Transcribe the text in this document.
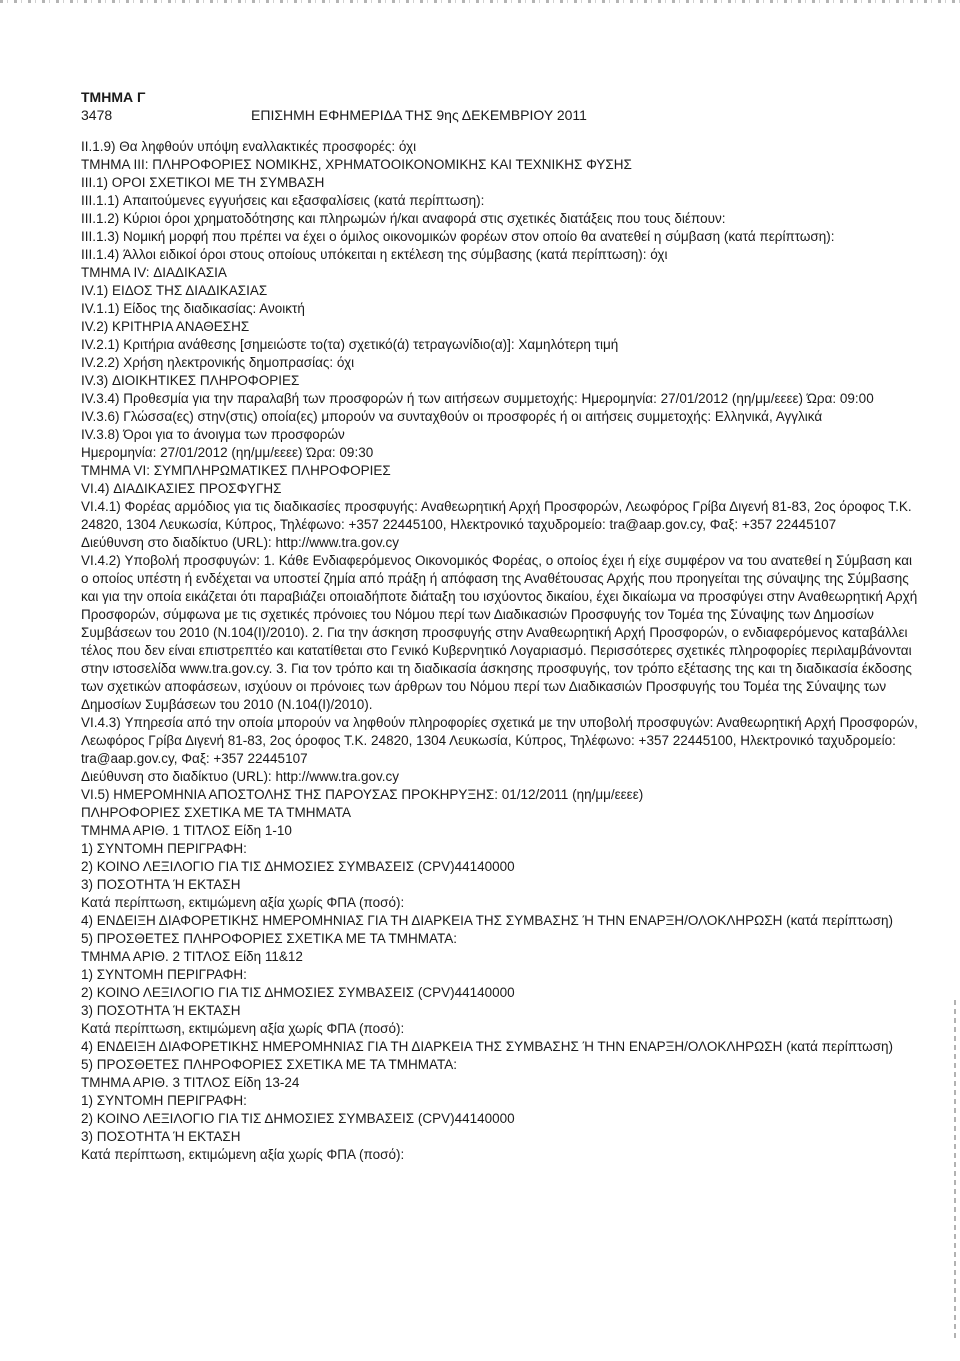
ΤΜΗΜΑ Γ

3478	ΕΠΙΣΗΜΗ ΕΦΗΜΕΡΙΔΑ ΤΗΣ 9ης ΔΕΚΕΜΒΡΙΟΥ 2011

II.1.9) Θα ληφθούν υπόψη εναλλακτικές προσφορές: όχι

ΤΜΗΜΑ ΙΙΙ: ΠΛΗΡΟΦΟΡΙΕΣ ΝΟΜΙΚΗΣ, ΧΡΗΜΑΤΟΟΙΚΟΝΟΜΙΚΗΣ ΚΑΙ ΤΕΧΝΙΚΗΣ ΦΥΣΗΣ

III.1) ΟΡΟΙ ΣΧΕΤΙΚΟΙ ΜΕ ΤΗ ΣΥΜΒΑΣΗ

III.1.1) Απαιτούμενες εγγυήσεις και εξασφαλίσεις (κατά περίπτωση):

III.1.2) Κύριοι όροι χρηματοδότησης και πληρωμών ή/και αναφορά στις σχετικές διατάξεις που τους διέπουν:

III.1.3) Νομική μορφή που πρέπει να έχει ο όμιλος οικονομικών φορέων στον οποίο θα ανατεθεί η σύμβαση (κατά περίπτωση):

III.1.4) Άλλοι ειδικοί όροι στους οποίους υπόκειται η εκτέλεση της σύμβασης (κατά περίπτωση): όχι

ΤΜΗΜΑ IV: ΔΙΑΔΙΚΑΣΙΑ

IV.1) ΕΙΔΟΣ ΤΗΣ ΔΙΑΔΙΚΑΣΙΑΣ

IV.1.1) Είδος της διαδικασίας: Ανοικτή

IV.2) ΚΡΙΤΗΡΙΑ ΑΝΑΘΕΣΗΣ

IV.2.1) Κριτήρια ανάθεσης [σημειώστε το(τα) σχετικό(ά) τετραγωνίδιο(α)]: Χαμηλότερη τιμή

IV.2.2) Χρήση ηλεκτρονικής δημοπρασίας: όχι

IV.3) ΔΙΟΙΚΗΤΙΚΕΣ ΠΛΗΡΟΦΟΡΙΕΣ

IV.3.4) Προθεσμία για την παραλαβή των προσφορών ή των αιτήσεων συμμετοχής: Ημερομηνία: 27/01/2012 (ηη/μμ/εεεε) Ώρα: 09:00

IV.3.6) Γλώσσα(ες) στην(στις) οποία(ες) μπορούν να συνταχθούν οι προσφορές ή οι αιτήσεις συμμετοχής: Ελληνικά, Αγγλικά

IV.3.8) Όροι για το άνοιγμα των προσφορών

Ημερομηνία: 27/01/2012 (ηη/μμ/εεεε) Ώρα: 09:30

ΤΜΗΜΑ VI: ΣΥΜΠΛΗΡΩΜΑΤΙΚΕΣ ΠΛΗΡΟΦΟΡΙΕΣ

VI.4) ΔΙΑΔΙΚΑΣΙΕΣ ΠΡΟΣΦΥΓΗΣ

VI.4.1) Φορέας αρμόδιος για τις διαδικασίες προσφυγής: Αναθεωρητική Αρχή Προσφορών, Λεωφόρος Γρίβα Διγενή 81-83, 2ος όροφος Τ.Κ. 24820, 1304 Λευκωσία, Κύπρος, Τηλέφωνο: +357 22445100, Ηλεκτρονικό ταχυδρομείο: tra@aap.gov.cy, Φαξ: +357 22445107

Διεύθυνση στο διαδίκτυο (URL): http://www.tra.gov.cy

VI.4.2) Υποβολή προσφυγών: 1. Κάθε Ενδιαφερόμενος Οικονομικός Φορέας, ο οποίος έχει ή είχε συμφέρον να του ανατεθεί η Σύμβαση και ο οποίος υπέστη ή ενδέχεται να υποστεί ζημία από πράξη ή απόφαση της Αναθέτουσας Αρχής που προηγείται της σύναψης της Σύμβασης και για την οποία εικάζεται ότι παραβιάζει οποιαδήποτε διάταξη του ισχύοντος δικαίου, έχει δικαίωμα να προσφύγει στην Αναθεωρητική Αρχή Προσφορών, σύμφωνα με τις σχετικές πρόνοιες του Νόμου περί των Διαδικασιών Προσφυγής τον Τομέα της Σύναψης των Δημοσίων Συμβάσεων του 2010 (Ν.104(Ι)/2010). 2. Για την άσκηση προσφυγής στην Αναθεωρητική Αρχή Προσφορών, ο ενδιαφερόμενος καταβάλλει τέλος που δεν είναι επιστρεπτέο και κατατίθεται στο Γενικό Κυβερνητικό Λογαριασμό. Περισσότερες σχετικές πληροφορίες περιλαμβάνονται στην ιστοσελίδα www.tra.gov.cy. 3. Για τον τρόπο και τη διαδικασία άσκησης προσφυγής, τον τρόπο εξέτασης της και τη διαδικασία έκδοσης των σχετικών αποφάσεων, ισχύουν οι πρόνοιες των άρθρων του Νόμου περί των Διαδικασιών Προσφυγής του Τομέα της Σύναψης των Δημοσίων Συμβάσεων του 2010 (Ν.104(Ι)/2010).

VI.4.3) Υπηρεσία από την οποία μπορούν να ληφθούν πληροφορίες σχετικά με την υποβολή προσφυγών: Αναθεωρητική Αρχή Προσφορών, Λεωφόρος Γρίβα Διγενή 81-83, 2ος όροφος Τ.Κ. 24820, 1304 Λευκωσία, Κύπρος, Τηλέφωνο: +357 22445100, Ηλεκτρονικό ταχυδρομείο: tra@aap.gov.cy, Φαξ: +357 22445107

Διεύθυνση στο διαδίκτυο (URL): http://www.tra.gov.cy

VI.5) ΗΜΕΡΟΜΗΝΙΑ ΑΠΟΣΤΟΛΗΣ ΤΗΣ ΠΑΡΟΥΣΑΣ ΠΡΟΚΗΡΥΞΗΣ: 01/12/2011 (ηη/μμ/εεεε)

ΠΛΗΡΟΦΟΡΙΕΣ ΣΧΕΤΙΚΑ ΜΕ ΤΑ ΤΜΗΜΑΤΑ

ΤΜΗΜΑ ΑΡΙΘ. 1 ΤΙΤΛΟΣ Είδη 1-10

1) ΣΥΝΤΟΜΗ ΠΕΡΙΓΡΑΦΗ:

2) ΚΟΙΝΟ ΛΕΞΙΛΟΓΙΟ ΓΙΑ ΤΙΣ ΔΗΜΟΣΙΕΣ ΣΥΜΒΑΣΕΙΣ (CPV)44140000

3) ΠΟΣΟΤΗΤΑ Ή ΕΚΤΑΣΗ

Κατά περίπτωση, εκτιμώμενη αξία χωρίς ΦΠΑ (ποσό):

4) ΕΝΔΕΙΞΗ ΔΙΑΦΟΡΕΤΙΚΗΣ ΗΜΕΡΟΜΗΝΙΑΣ ΓΙΑ ΤΗ ΔΙΑΡΚΕΙΑ ΤΗΣ ΣΥΜΒΑΣΗΣ Ή ΤΗΝ ΕΝΑΡΞΗ/ΟΛΟΚΛΗΡΩΣΗ (κατά περίπτωση)

5) ΠΡΟΣΘΕΤΕΣ ΠΛΗΡΟΦΟΡΙΕΣ ΣΧΕΤΙΚΑ ΜΕ ΤΑ ΤΜΗΜΑΤΑ:

ΤΜΗΜΑ ΑΡΙΘ. 2 ΤΙΤΛΟΣ Είδη 11&12

1) ΣΥΝΤΟΜΗ ΠΕΡΙΓΡΑΦΗ:

2) ΚΟΙΝΟ ΛΕΞΙΛΟΓΙΟ ΓΙΑ ΤΙΣ ΔΗΜΟΣΙΕΣ ΣΥΜΒΑΣΕΙΣ (CPV)44140000

3) ΠΟΣΟΤΗΤΑ Ή ΕΚΤΑΣΗ

Κατά περίπτωση, εκτιμώμενη αξία χωρίς ΦΠΑ (ποσό):

4) ΕΝΔΕΙΞΗ ΔΙΑΦΟΡΕΤΙΚΗΣ ΗΜΕΡΟΜΗΝΙΑΣ ΓΙΑ ΤΗ ΔΙΑΡΚΕΙΑ ΤΗΣ ΣΥΜΒΑΣΗΣ Ή ΤΗΝ ΕΝΑΡΞΗ/ΟΛΟΚΛΗΡΩΣΗ (κατά περίπτωση)

5) ΠΡΟΣΘΕΤΕΣ ΠΛΗΡΟΦΟΡΙΕΣ ΣΧΕΤΙΚΑ ΜΕ ΤΑ ΤΜΗΜΑΤΑ:

ΤΜΗΜΑ ΑΡΙΘ. 3 ΤΙΤΛΟΣ Είδη 13-24

1) ΣΥΝΤΟΜΗ ΠΕΡΙΓΡΑΦΗ:

2) ΚΟΙΝΟ ΛΕΞΙΛΟΓΙΟ ΓΙΑ ΤΙΣ ΔΗΜΟΣΙΕΣ ΣΥΜΒΑΣΕΙΣ (CPV)44140000

3) ΠΟΣΟΤΗΤΑ Ή ΕΚΤΑΣΗ

Κατά περίπτωση, εκτιμώμενη αξία χωρίς ΦΠΑ (ποσό):
